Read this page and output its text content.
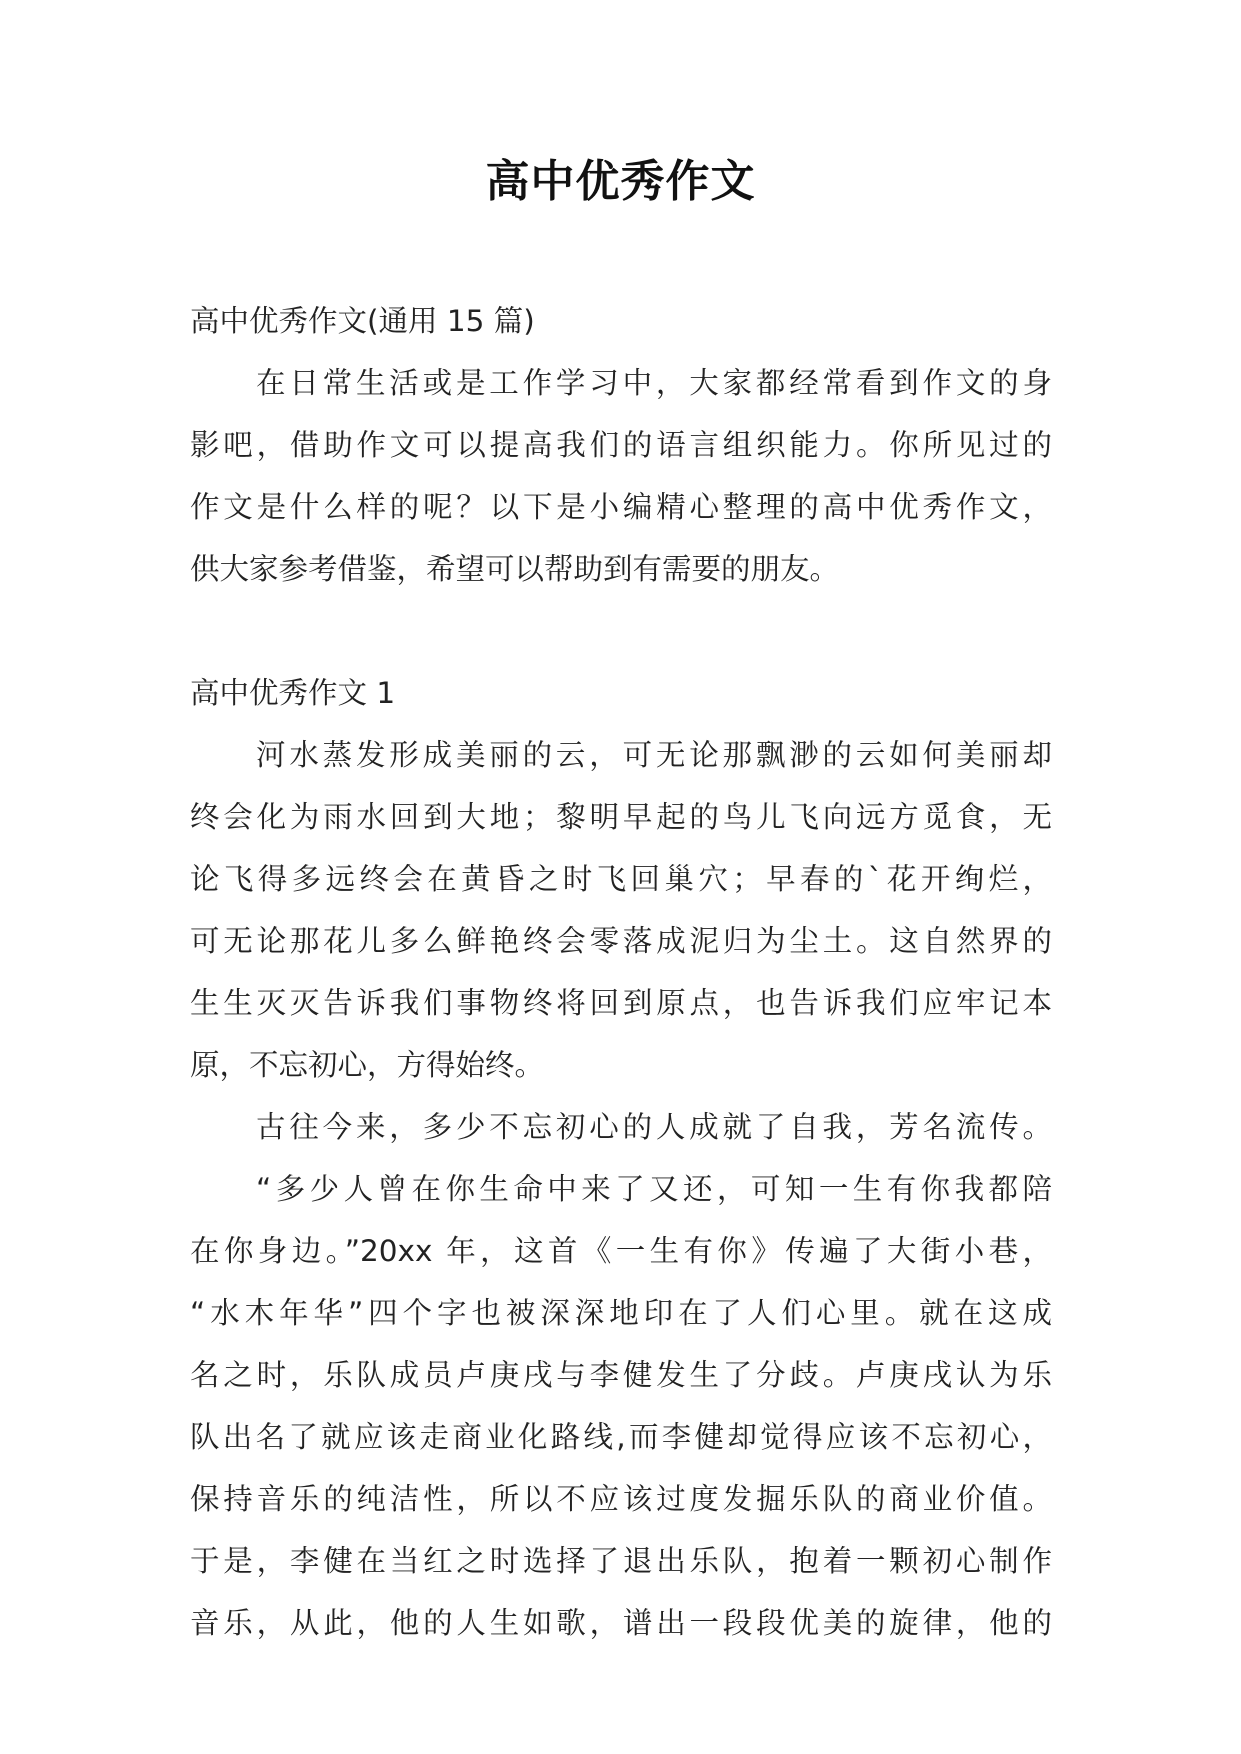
高中优秀作文
高中优秀作文(通用 15 篇)
在日常生活或是工作学习中，大家都经常看到作文的身
影吧，借助作文可以提高我们的语言组织能力。你所见过的
作文是什么样的呢？以下是小编精心整理的高中优秀作文，
供大家参考借鉴，希望可以帮助到有需要的朋友。
高中优秀作文 1
河水蒸发形成美丽的云，可无论那飘渺的云如何美丽却
终会化为雨水回到大地；黎明早起的鸟儿飞向远方觅食，无
论飞得多远终会在黄昏之时飞回巢穴；早春的`花开绚烂，
可无论那花儿多么鲜艳终会零落成泥归为尘土。这自然界的
生生灭灭告诉我们事物终将回到原点，也告诉我们应牢记本
原，不忘初心，方得始终。
古往今来，多少不忘初心的人成就了自我，芳名流传。
“多少人曾在你生命中来了又还，可知一生有你我都陪
在你身边。”20xx 年，这首《一生有你》传遍了大街小巷，
“水木年华”四个字也被深深地印在了人们心里。就在这成
名之时，乐队成员卢庚戌与李健发生了分歧。卢庚戌认为乐
队出名了就应该走商业化路线,而李健却觉得应该不忘初心，
保持音乐的纯洁性，所以不应该过度发掘乐队的商业价值。
于是，李健在当红之时选择了退出乐队，抱着一颗初心制作
音乐，从此，他的人生如歌，谱出一段段优美的旋律，他的
